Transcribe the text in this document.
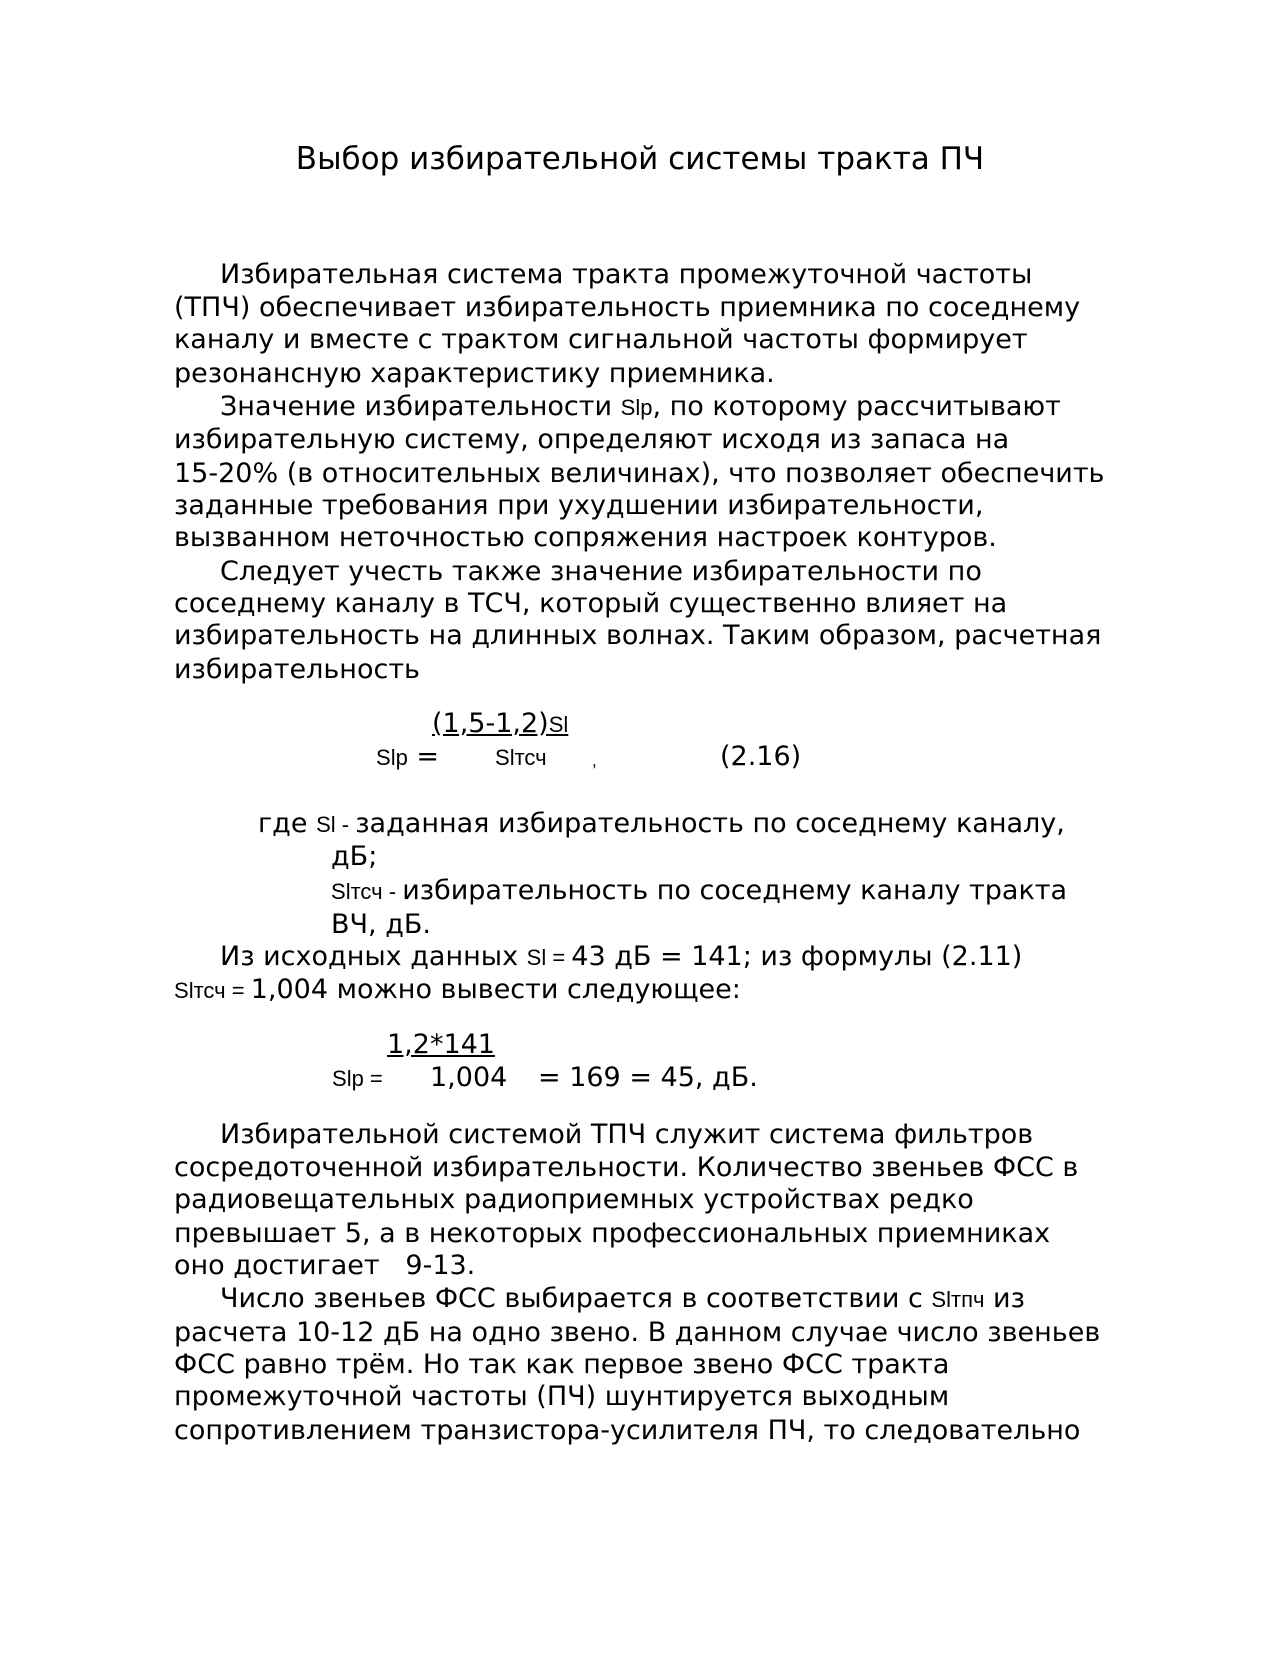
Выбор избирательной системы тракта ПЧ
Избирательная система тракта промежуточной частоты
(ТПЧ) обеспечивает избирательность приемника по соседнему
каналу и вместе с трактом сигнальной частоты формирует
резонансную характеристику приемника.
Значение избирательности Slр, по которому рассчитывают
избирательную систему, определяют исходя из запаса на
15-20% (в относительных величинах), что позволяет обеспечить
заданные требования при ухудшении избирательности,
вызванном неточностью сопряжения настроек контуров.
Следует учесть также значение избирательности по
соседнему каналу в ТСЧ, который существенно влияет на
избирательность на длинных волнах. Таким образом, расчетная
избирательность
(1,5-1,2)Sl
Slр =	Slтсч	,	(2.16)
где Sl - заданная избирательность по соседнему каналу,
дБ;
Slтсч - избирательность по соседнему каналу тракта
ВЧ, дБ.
Из исходных данных Sl = 43 дБ = 141; из формулы (2.11)
Slтсч = 1,004 можно вывести следующее:
1,2*141
Slр = 1,004 = 169 = 45, дБ.
Избирательной системой ТПЧ служит система фильтров
сосредоточенной избирательности. Количество звеньев ФСС в
радиовещательных радиоприемных устройствах редко
превышает 5, а в некоторых профессиональных приемниках
оно достигает   9-13.
Число звеньев ФСС выбирается в соответствии с Slтпч из
расчета 10-12 дБ на одно звено. В данном случае число звеньев
ФСС равно трём. Но так как первое звено ФСС тракта
промежуточной частоты (ПЧ) шунтируется выходным
сопротивлением транзистора-усилителя ПЧ, то следовательно
